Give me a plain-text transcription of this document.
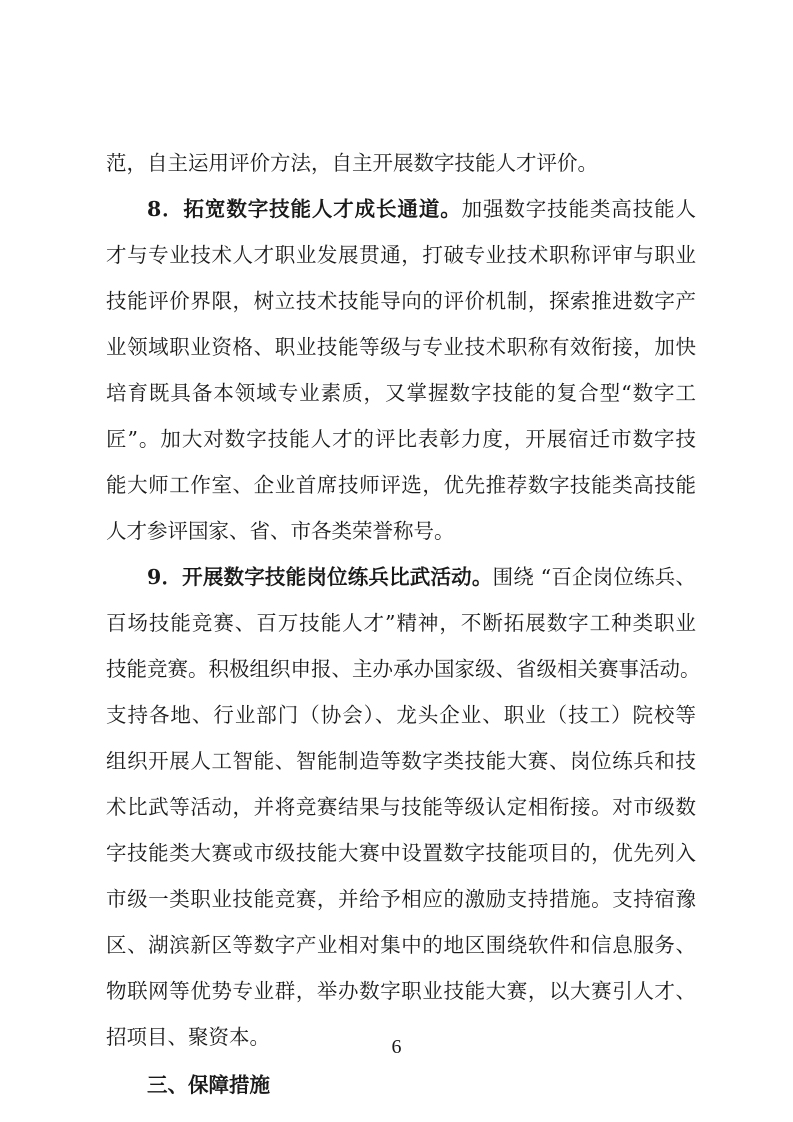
范，自主运用评价方法，自主开展数字技能人才评价。
8．拓宽数字技能人才成长通道。加强数字技能类高技能人
才与专业技术人才职业发展贯通，打破专业技术职称评审与职业
技能评价界限，树立技术技能导向的评价机制，探索推进数字产
业领域职业资格、职业技能等级与专业技术职称有效衔接，加快
培育既具备本领域专业素质，又掌握数字技能的复合型“数字工
匠”。加大对数字技能人才的评比表彰力度，开展宿迁市数字技
能大师工作室、企业首席技师评选，优先推荐数字技能类高技能
人才参评国家、省、市各类荣誉称号。
9．开展数字技能岗位练兵比武活动。围绕 “百企岗位练兵、
百场技能竞赛、百万技能人才”精神，不断拓展数字工种类职业
技能竞赛。积极组织申报、主办承办国家级、省级相关赛事活动。
支持各地、行业部门（协会）、龙头企业、职业（技工）院校等
组织开展人工智能、智能制造等数字类技能大赛、岗位练兵和技
术比武等活动，并将竞赛结果与技能等级认定相衔接。对市级数
字技能类大赛或市级技能大赛中设置数字技能项目的，优先列入
市级一类职业技能竞赛，并给予相应的激励支持措施。支持宿豫
区、湖滨新区等数字产业相对集中的地区围绕软件和信息服务、
物联网等优势专业群，举办数字职业技能大赛，以大赛引人才、
招项目、聚资本。
三、保障措施
6
